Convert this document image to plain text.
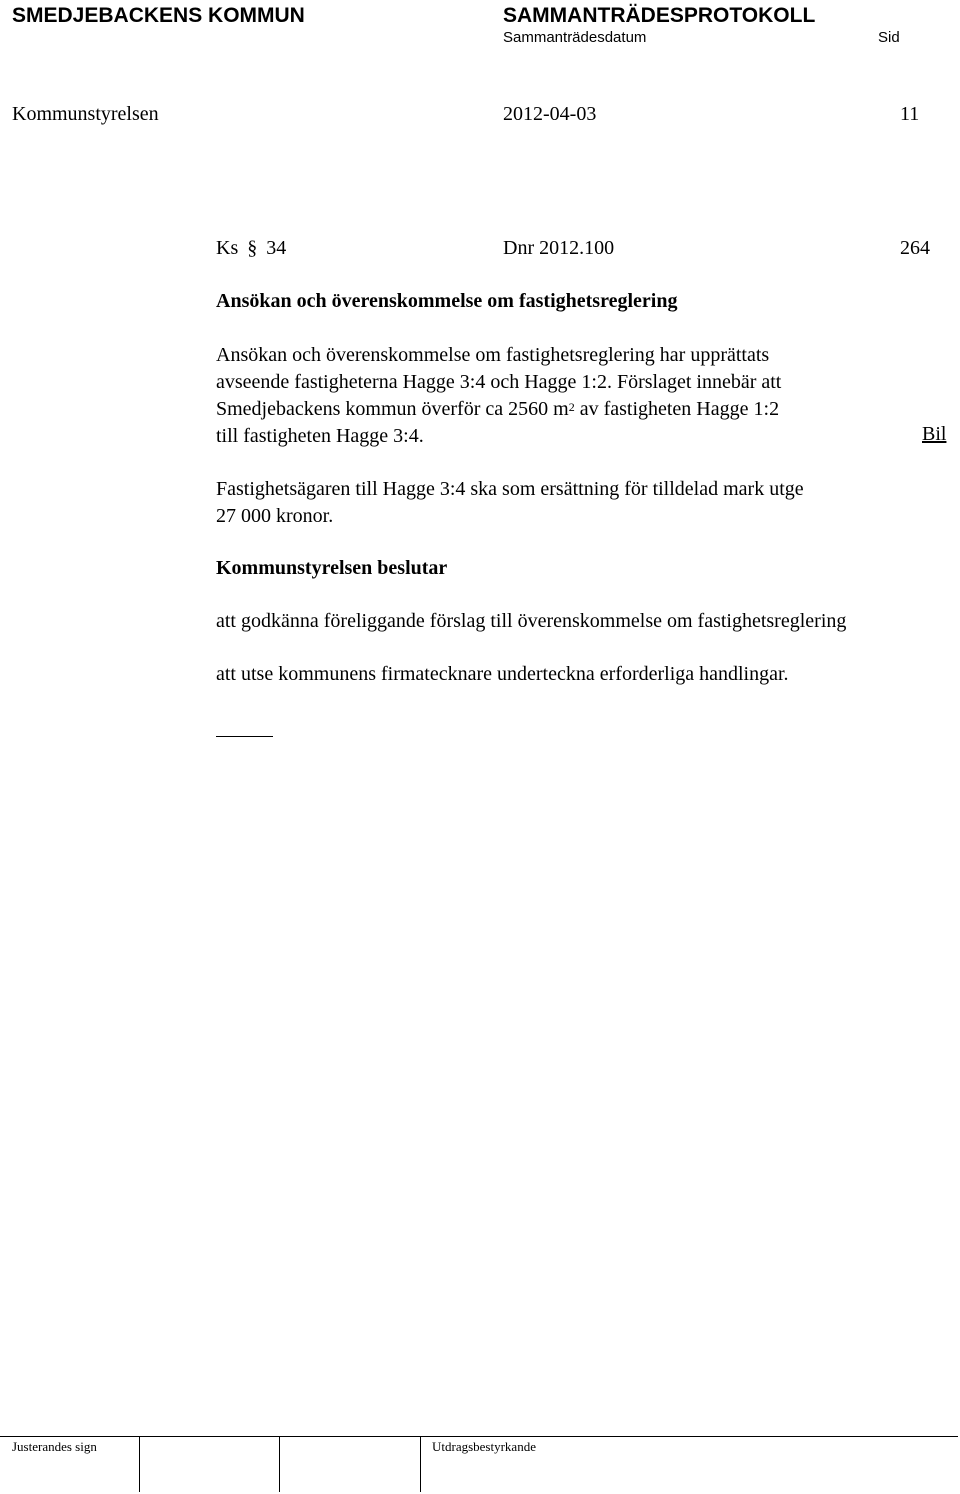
SMEDJEBACKENS KOMMUN	SAMMANTRÄDESPROTOKOLL
Sammanträdesdatum	Sid
Kommunstyrelsen	2012-04-03	11
Ks § 34	Dnr 2012.100	264
Ansökan och överenskommelse om fastighetsreglering
Ansökan och överenskommelse om fastighetsreglering har upprättats
avseende fastigheterna Hagge 3:4 och Hagge 1:2. Förslaget innebär att
Smedjebackens kommun överför ca 2560 $m^2$ av fastigheten Hagge 1:2
till fastigheten Hagge 3:4.	Bil
Fastighetsägaren till Hagge 3:4 ska som ersättning för tilldelad mark utge
27 000 kronor.
Kommunstyrelsen beslutar
att godkänna föreliggande förslag till överenskommelse om fastighetsreglering
att utse kommunens firmatecknare underteckna erforderliga handlingar.
Justerandes sign	Utdragsbestyrkande
